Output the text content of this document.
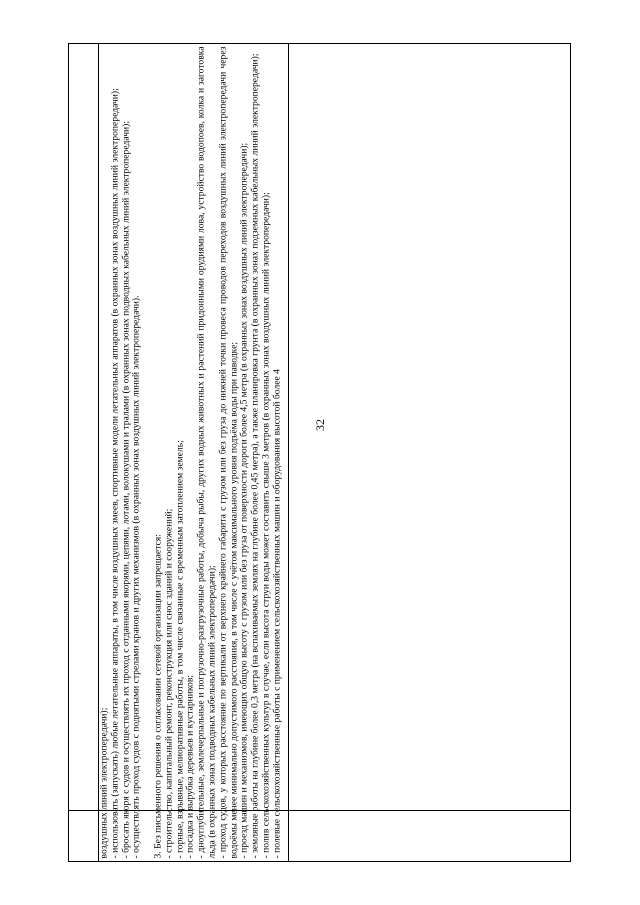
32
воздушных линий электропередачи); - использовать (запускать) любые летательные аппараты, в том числе воздушных змеев, спортивные модели летательных аппаратов (в охранных зонах воздушных линий электропередачи); - бросать якоря с судов и осуществлять их проход с отданными якорями, цепями, лотами, волокушами и тралами (в охранных зонах подводных кабельных линий электропередачи); - осуществлять проход судов с поднятыми стрелами кранов и других механизмов (в охранных зонах воздушных линий электропередачи). 3. Без письменного решения о согласовании сетевой организации запрещается: - строительство, капитальный ремонт, реконструкция или снос зданий и сооружений; - горные, взрывные, мелиоративные работы, в том числе связанные с временным затоплением земель; - посадка и вырубка деревьев и кустарников; - дноуглубительные, землечерпальные и погрузочно-разгрузочные работы, добыча рыбы, других водных животных и растений придонными орудиями лова, устройство водопоев, колка и заготовка льда (в охранных зонах подводных кабельных линий электропередачи); - проход судов, у которых расстояние по вертикали от верхнего крайнего габарита с грузом или без груза до нижней точки провеса проводов переходов воздушных линий электропередачи через водоёмы менее минимально допустимого расстояния, в том числе с учётом максимального уровня подъёма воды при паводке; - проезд машин и механизмов, имеющих общую высоту с грузом или без груза от поверхности дороги более 4,5 метра (в охранных зонах воздушных линий электропередачи); - земляные работы на глубине более 0,3 метра (на вспахиваемых землях на глубине более 0,45 метра), а также планировка грунта (в охранных зонах подземных кабельных линий электропередачи); - полив сельскохозяйственных культур в случае, если высота струи воды может составить свыше 3 метров (в охранных зонах воздушных линий электропередачи); - полевые сельскохозяйственные работы с применением сельскохозяйственных машин и оборудования высотой более 4
